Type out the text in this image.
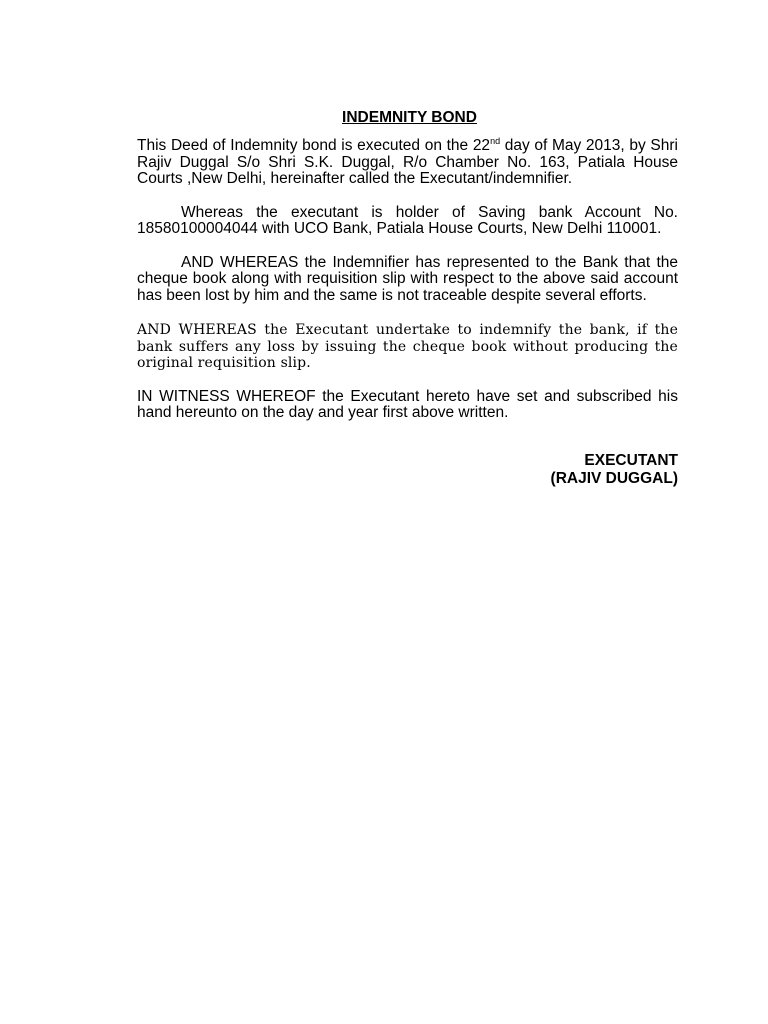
INDEMNITY BOND

This Deed of Indemnity bond is executed on the 22nd day of May 2013, by Shri Rajiv Duggal S/o Shri S.K. Duggal, R/o Chamber No. 163, Patiala House Courts ,New Delhi, hereinafter called the Executant/indemnifier.

Whereas the executant is holder of Saving bank Account No. 18580100004044 with UCO Bank, Patiala House Courts, New Delhi 110001.

AND WHEREAS the Indemnifier has represented to the Bank that the cheque book along with requisition slip with respect to the above said account has been lost by him and the same is not traceable despite several efforts.

AND WHEREAS the Executant undertake to indemnify the bank, if the bank suffers any loss by issuing the cheque book without producing the original requisition slip.

IN WITNESS WHEREOF the Executant hereto have set and subscribed his hand hereunto on the day and year first above written.

EXECUTANT
(RAJIV DUGGAL)
